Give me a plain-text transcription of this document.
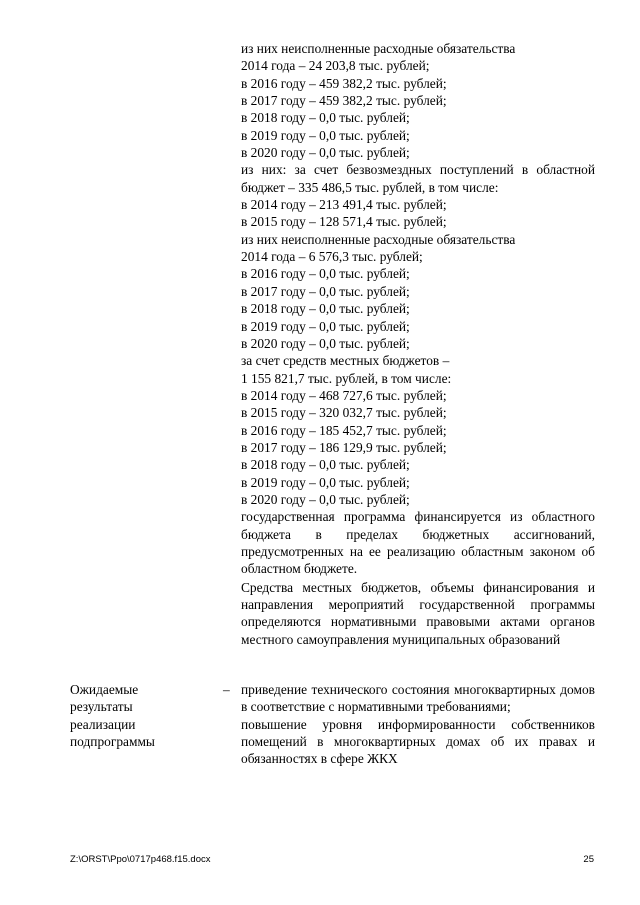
из них неисполненные расходные обязательства

2014 года – 24 203,8 тыс. рублей;

в 2016 году – 459 382,2 тыс. рублей;

в 2017 году – 459 382,2 тыс. рублей;

в 2018 году – 0,0 тыс. рублей;

в 2019 году – 0,0 тыс. рублей;

в 2020 году – 0,0 тыс. рублей;

из них: за счет безвозмездных поступлений в областной бюджет – 335 486,5 тыс. рублей, в том числе:

в 2014 году – 213 491,4 тыс. рублей;

в 2015 году – 128 571,4 тыс. рублей;

из них неисполненные расходные обязательства

2014 года – 6 576,3 тыс. рублей;

в 2016 году – 0,0 тыс. рублей;

в 2017 году – 0,0 тыс. рублей;

в 2018 году – 0,0 тыс. рублей;

в 2019 году – 0,0 тыс. рублей;

в 2020 году – 0,0 тыс. рублей;

за счет средств местных бюджетов –

1 155 821,7 тыс. рублей, в том числе:

в 2014 году – 468 727,6 тыс. рублей;

в 2015 году – 320 032,7 тыс. рублей;

в 2016 году – 185 452,7 тыс. рублей;

в 2017 году – 186 129,9 тыс. рублей;

в 2018 году – 0,0 тыс. рублей;

в 2019 году – 0,0 тыс. рублей;

в 2020 году – 0,0 тыс. рублей;

государственная программа финансируется из областного бюджета в пределах бюджетных ассигнований, предусмотренных на ее реализацию областным законом об областном бюджете.

Средства местных бюджетов, объемы финансирования и направления мероприятий государственной программы определяются нормативными правовыми актами органов местного самоуправления муниципальных образований

Ожидаемые результаты реализации подпрограммы
– приведение технического состояния многоквартирных домов в соответствие с нормативными требованиями;

повышение уровня информированности собственников помещений в многоквартирных домах об их правах и обязанностях в сфере ЖКХ

Z:\ORST\Ppo\0717p468.f15.docx	25
